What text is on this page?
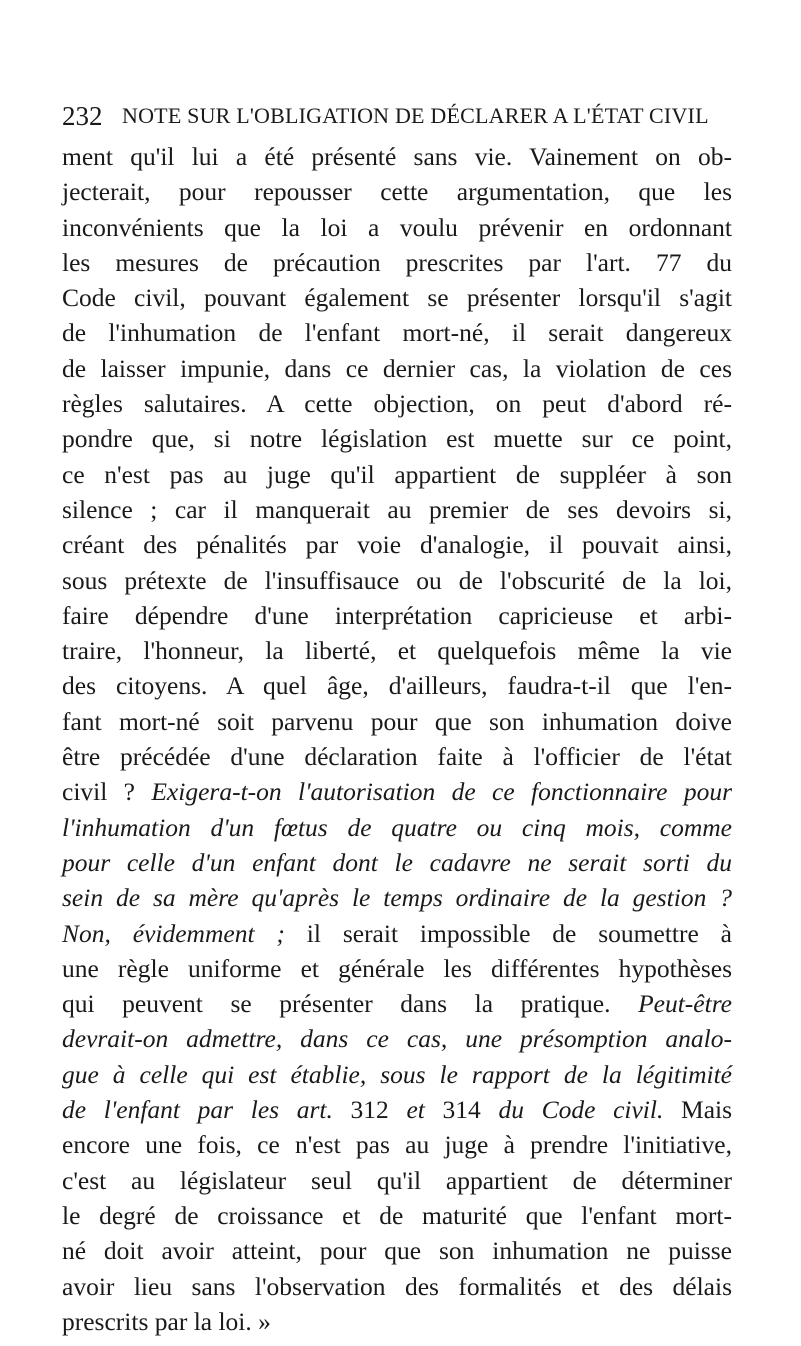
232 NOTE SUR L'OBLIGATION DE DÉCLARER A L'ÉTAT CIVIL
ment qu'il lui a été présenté sans vie. Vainement on ob-
jecterait, pour repousser cette argumentation, que les
inconvénients que la loi a voulu prévenir en ordonnant
les mesures de précaution prescrites par l'art. 77 du
Code civil, pouvant également se présenter lorsqu'il s'agit
de l'inhumation de l'enfant mort-né, il serait dangereux
de laisser impunie, dans ce dernier cas, la violation de ces
règles salutaires. A cette objection, on peut d'abord ré-
pondre que, si notre législation est muette sur ce point,
ce n'est pas au juge qu'il appartient de suppléer à son
silence ; car il manquerait au premier de ses devoirs si,
créant des pénalités par voie d'analogie, il pouvait ainsi,
sous prétexte de l'insuffisauce ou de l'obscurité de la loi,
faire dépendre d'une interprétation capricieuse et arbi-
traire, l'honneur, la liberté, et quelquefois même la vie
des citoyens. A quel âge, d'ailleurs, faudra-t-il que l'en-
fant mort-né soit parvenu pour que son inhumation doive
être précédée d'une déclaration faite à l'officier de l'état
civil ? Exigera-t-on l'autorisation de ce fonctionnaire pour
l'inhumation d'un fœtus de quatre ou cinq mois, comme
pour celle d'un enfant dont le cadavre ne serait sorti du
sein de sa mère qu'après le temps ordinaire de la gestion ?
Non, évidemment ; il serait impossible de soumettre à
une règle uniforme et générale les différentes hypothèses
qui peuvent se présenter dans la pratique. Peut-être
devrait-on admettre, dans ce cas, une présomption analo-
gue à celle qui est établie, sous le rapport de la légitimité
de l'enfant par les art. 312 et 314 du Code civil. Mais
encore une fois, ce n'est pas au juge à prendre l'initiative,
c'est au législateur seul qu'il appartient de déterminer
le degré de croissance et de maturité que l'enfant mort-
né doit avoir atteint, pour que son inhumation ne puisse
avoir lieu sans l'observation des formalités et des délais
prescrits par la loi. »
